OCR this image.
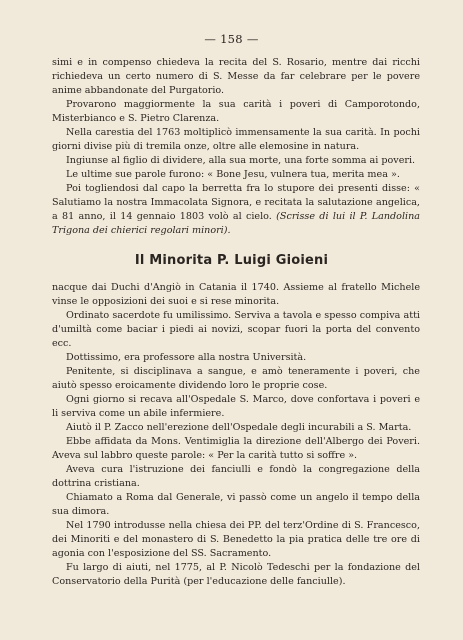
— 158 —

simi e in compenso chiedeva la recita del S. Rosario, mentre dai ricchi richiedeva un certo numero di S. Messe da far celebrare per le povere anime abbandonate del Purgatorio.

Provarono maggiormente la sua carità i poveri di Camporotondo, Misterbianco e S. Pietro Clarenza.

Nella carestia del 1763 moltiplicò immensamente la sua carità. In pochi giorni divise più di tremila onze, oltre alle elemosine in natura.

Ingiunse al figlio di dividere, alla sua morte, una forte somma ai poveri.

Le ultime sue parole furono: « Bone Jesu, vulnera tua, merita mea ».

Poi togliendosi dal capo la berretta fra lo stupore dei presenti disse: « Salutiamo la nostra Immacolata Signora, e recitata la salutazione angelica, a 81 anno, il 14 gennaio 1803 volò al cielo. (Scrisse di lui il P. Landolina Trigona dei chierici regolari minori).

Il Minorita P. Luigi Gioieni

nacque dai Duchi d'Angiò in Catania il 1740. Assieme al fratello Michele vinse le opposizioni dei suoi e si rese minorita.

Ordinato sacerdote fu umilissimo. Serviva a tavola e spesso compiva atti d'umiltà come baciar i piedi ai novizi, scopar fuori la porta del convento ecc.

Dottissimo, era professore alla nostra Università.

Penitente, si disciplinava a sangue, e amò teneramente i poveri, che aiutò spesso eroicamente dividendo loro le proprie cose.

Ogni giorno si recava all'Ospedale S. Marco, dove confortava i poveri e li serviva come un abile infermiere.

Aiutò il P. Zacco nell'erezione dell'Ospedale degli incurabili a S. Marta.

Ebbe affidata da Mons. Ventimiglia la direzione dell'Albergo dei Poveri. Aveva sul labbro queste parole: « Per la carità tutto si soffre ».

Aveva cura l'istruzione dei fanciulli e fondò la congregazione della dottrina cristiana.

Chiamato a Roma dal Generale, vi passò come un angelo il tempo della sua dimora.

Nel 1790 introdusse nella chiesa dei PP. del terz'Ordine di S. Francesco, dei Minoriti e del monastero di S. Benedetto la pia pratica delle tre ore di agonia con l'esposizione del SS. Sacramento.

Fu largo di aiuti, nel 1775, al P. Nicolò Tedeschi per la fondazione del Conservatorio della Purità (per l'educazione delle fanciulle).
